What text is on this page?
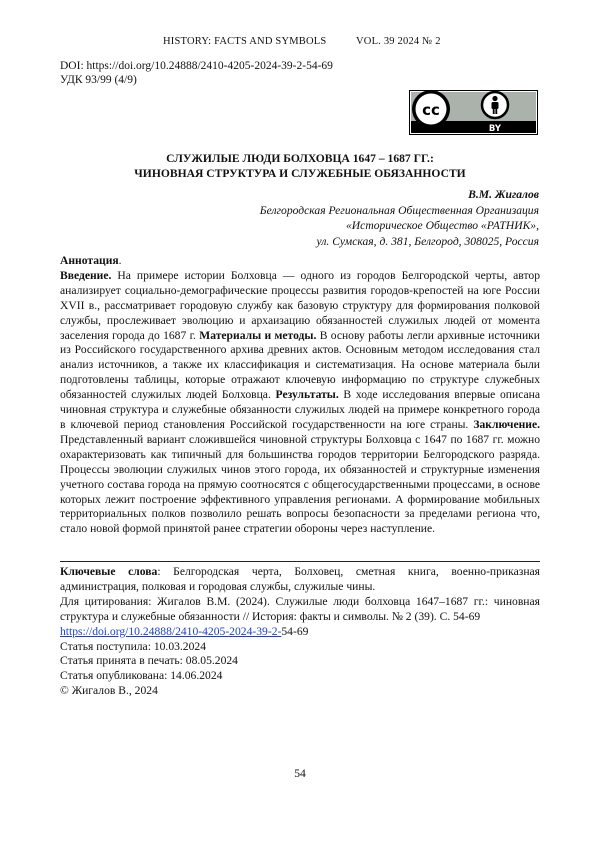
HISTORY: FACTS AND SYMBOLS	VOL. 39 2024 № 2
DOI: https://doi.org/10.24888/2410-4205-2024-39-2-54-69
УДК 93/99 (4/9)
cc
BY
СЛУЖИЛЫЕ ЛЮДИ БОЛХОВЦА 1647 – 1687 ГГ.:
ЧИНОВНАЯ СТРУКТУРА И СЛУЖЕБНЫЕ ОБЯЗАННОСТИ
В.М. Жигалов
Белгородская Региональная Общественная Организация
«Историческое Общество «РАТНИК»,
ул. Сумская, д. 381, Белгород, 308025, Россия

Аннотация.

Введение. На примере истории Болховца — одного из городов Белгородской черты, автор анализирует социально-демографические процессы развития городов-крепостей на юге России XVII в., рассматривает городовую службу как базовую структуру для формирования полковой службы, прослеживает эволюцию и архаизацию обязанностей служилых людей от момента заселения города до 1687 г. Материалы и методы. В основу работы легли архивные источники из Российского государственного архива древних актов. Основным методом исследования стал анализ источников, а также их классификация и систематизация. На основе материала были подготовлены таблицы, которые отражают ключевую информацию по структуре служебных обязанностей служилых людей Болховца. Результаты. В ходе исследования впервые описана чиновная структура и служебные обязанности служилых людей на примере конкретного города в ключевой период становления Российской государственности на юге страны. Заключение. Представленный вариант сложившейся чиновной структуры Болховца с 1647 по 1687 гг. можно охарактеризовать как типичный для большинства городов территории Белгородского разряда. Процессы эволюции служилых чинов этого города, их обязанностей и структурные изменения учетного состава города на прямую соотносятся с общегосударственными процессами, в основе которых лежит построение эффективного управления регионами. А формирование мобильных территориальных полков позволило решать вопросы безопасности за пределами региона что, стало новой формой принятой ранее стратегии обороны через наступление.

Ключевые слова: Белгородская черта, Болховец, сметная книга, военно-приказная администрация, полковая и городовая службы, служилые чины.

Для цитирования: Жигалов В.М. (2024). Служилые люди болховца 1647–1687 гг.: чиновная структура и служебные обязанности // История: факты и символы. № 2 (39). С. 54-69
https://doi.org/10.24888/2410-4205-2024-39-2-54-69

Статья поступила: 10.03.2024

Статья принята в печать: 08.05.2024

Статья опубликована: 14.06.2024

© Жигалов В., 2024

54
